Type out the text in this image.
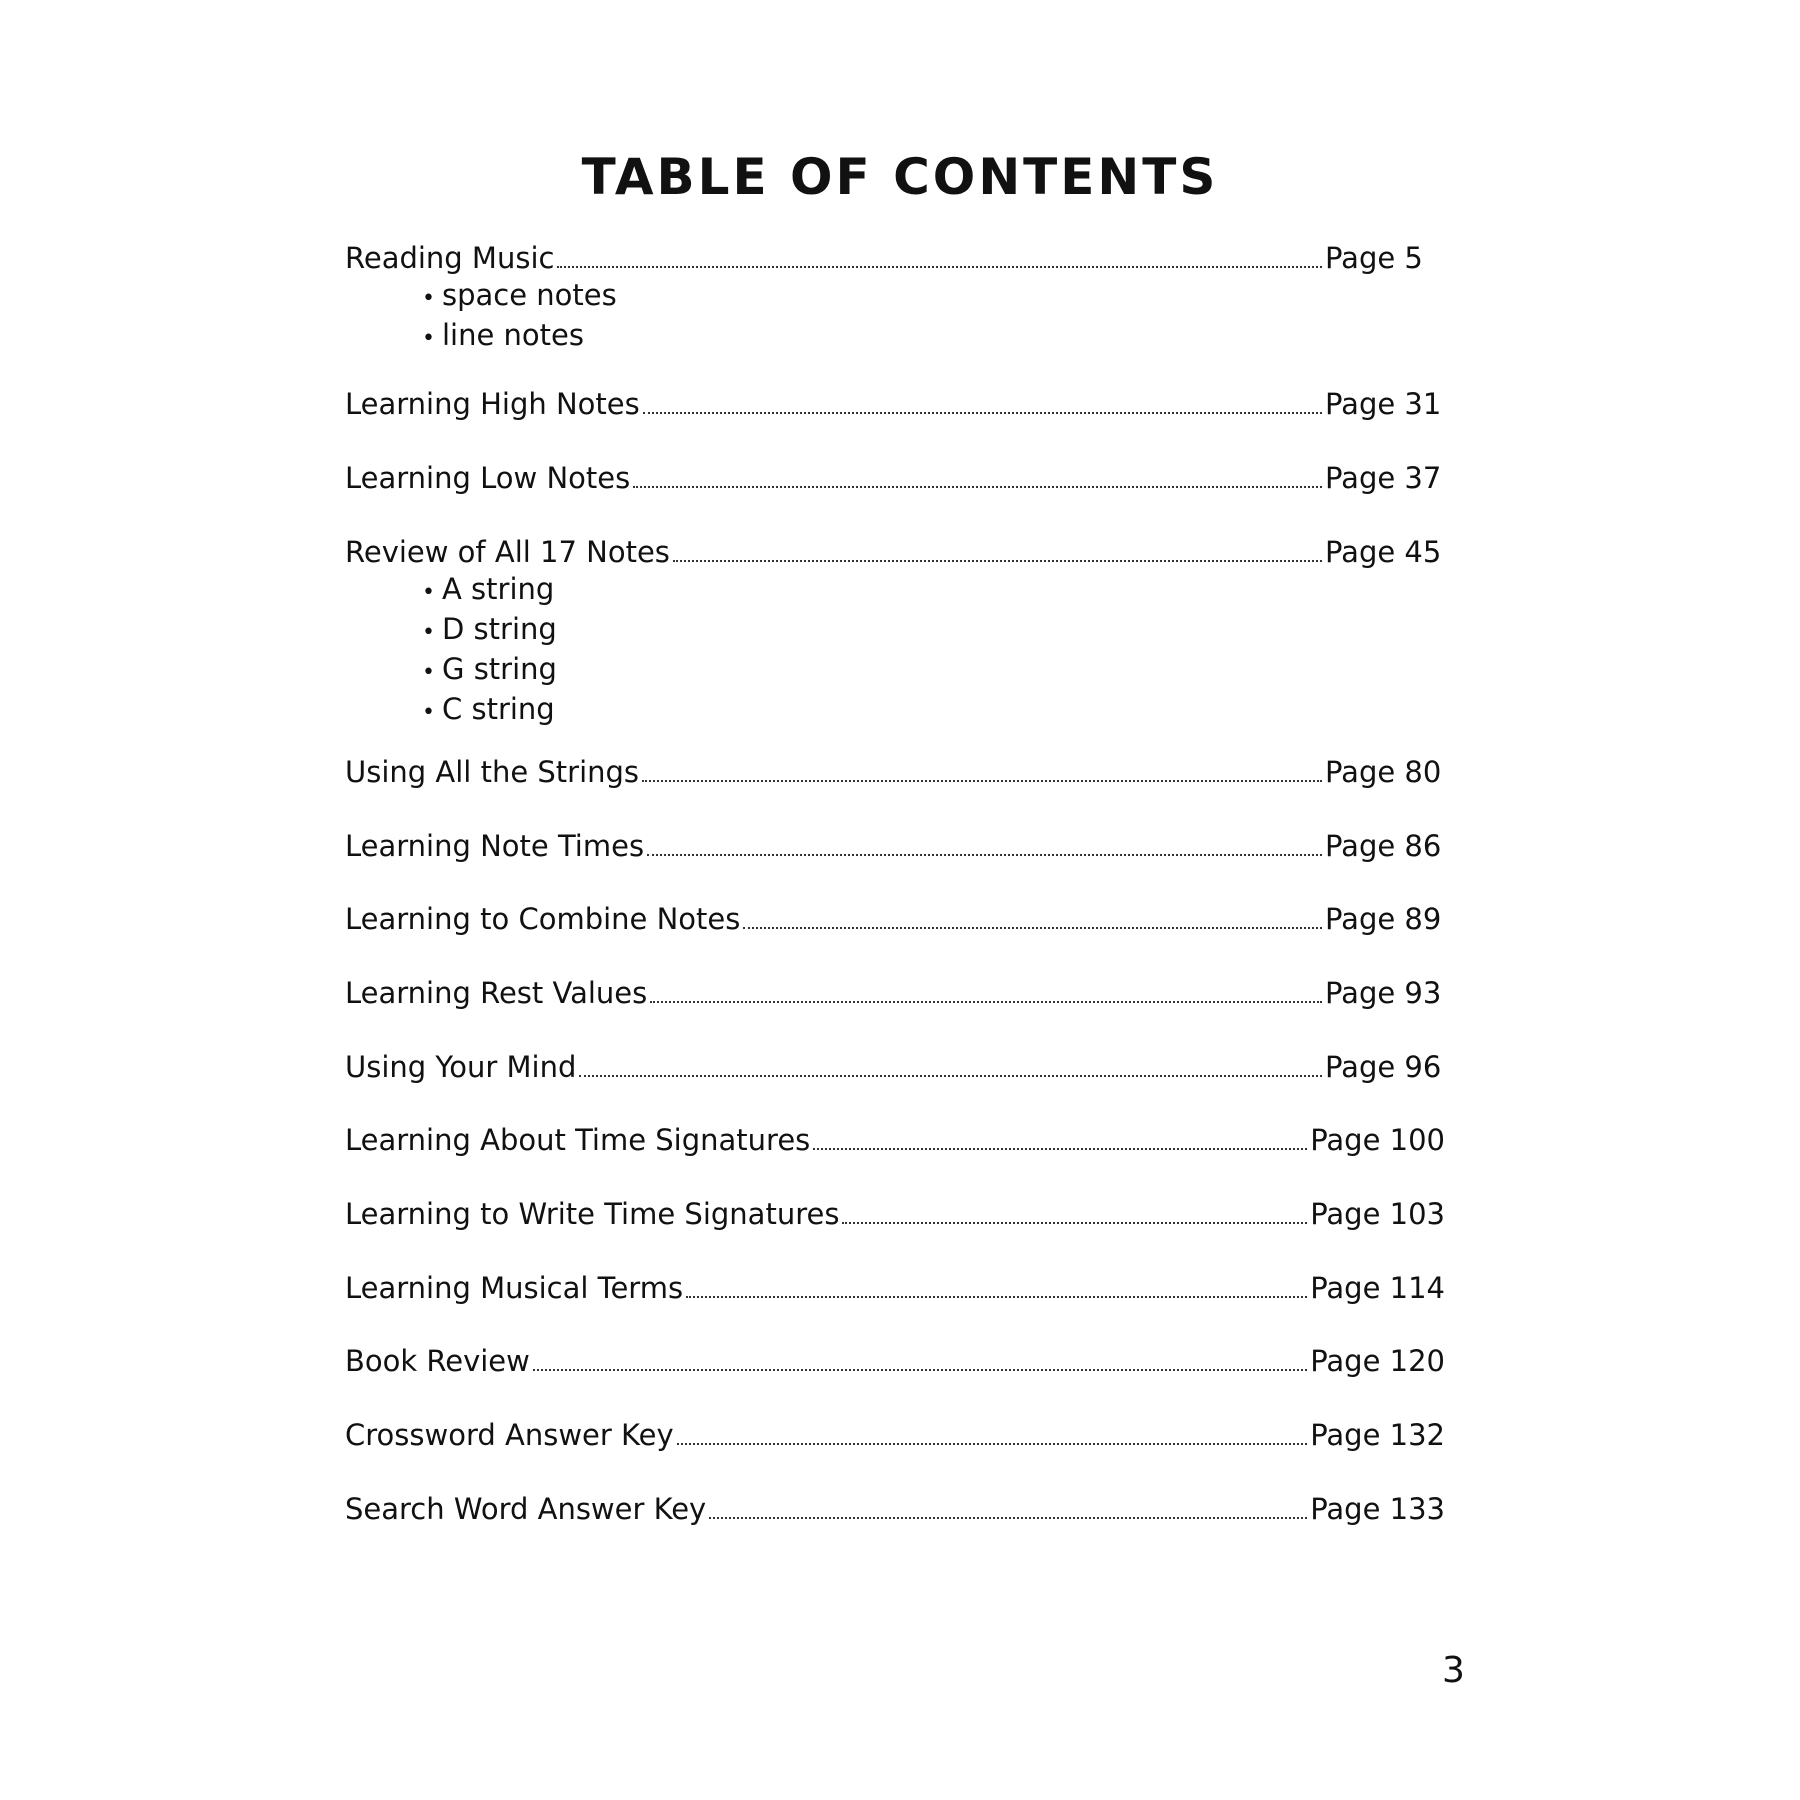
TABLE OF CONTENTS
Reading Music	Page 5
• space notes
• line notes
Learning High Notes	Page 31
Learning Low Notes	Page 37
Review of All 17 Notes	Page 45
• A string
• D string
• G string
• C string
Using All the Strings	Page 80
Learning Note Times	Page 86
Learning to Combine Notes	Page 89
Learning Rest Values	Page 93
Using Your Mind	Page 96
Learning About Time Signatures	Page 100
Learning to Write Time Signatures	Page 103
Learning Musical Terms	Page 114
Book Review	Page 120
Crossword Answer Key	Page 132
Search Word Answer Key	Page 133
3
